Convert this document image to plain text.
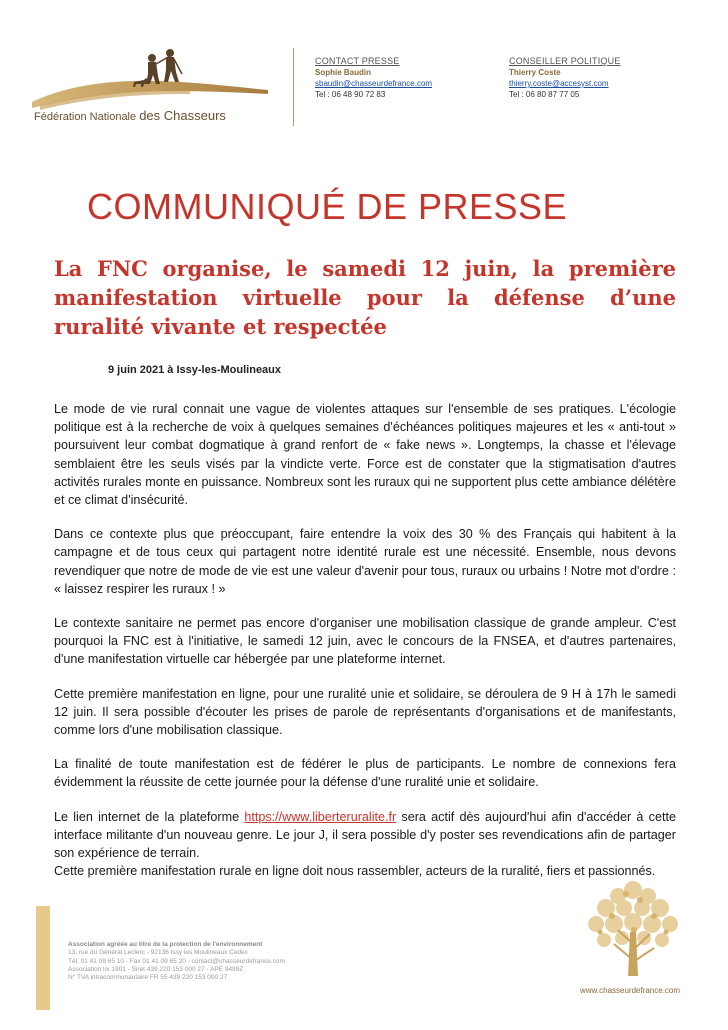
Fédération Nationale des Chasseurs
CONTACT PRESSE
Sophie Baudin
sbaudin@chasseurdefrance.com
Tel : 06 48 90 72 83
CONSEILLER POLITIQUE
Thierry Coste
thierry.coste@accesyst.com
Tel : 06 80 87 77 05
COMMUNIQUÉ DE PRESSE
La FNC organise, le samedi 12 juin, la première manifestation virtuelle pour la défense d’une ruralité vivante et respectée
9 juin 2021 à Issy-les-Moulineaux

Le mode de vie rural connait une vague de violentes attaques sur l'ensemble de ses pratiques. L'écologie politique est à la recherche de voix à quelques semaines d'échéances politiques majeures et les « anti-tout » poursuivent leur combat dogmatique à grand renfort de « fake news ». Longtemps, la chasse et l'élevage semblaient être les seuls visés par la vindicte verte. Force est de constater que la stigmatisation d'autres activités rurales monte en puissance. Nombreux sont les ruraux qui ne supportent plus cette ambiance délétère et ce climat d'insécurité.

Dans ce contexte plus que préoccupant, faire entendre la voix des 30 % des Français qui habitent à la campagne et de tous ceux qui partagent notre identité rurale est une nécessité. Ensemble, nous devons revendiquer que notre de mode de vie est une valeur d'avenir pour tous, ruraux ou urbains ! Notre mot d'ordre : « laissez respirer les ruraux ! »

Le contexte sanitaire ne permet pas encore d'organiser une mobilisation classique de grande ampleur. C'est pourquoi la FNC est à l'initiative, le samedi 12 juin, avec le concours de la FNSEA, et d'autres partenaires, d'une manifestation virtuelle car hébergée par une plateforme internet.

Cette première manifestation en ligne, pour une ruralité unie et solidaire, se déroulera de 9 H à 17h le samedi 12 juin. Il sera possible d'écouter les prises de parole de représentants d'organisations et de manifestants, comme lors d'une mobilisation classique.

La finalité de toute manifestation est de fédérer le plus de participants. Le nombre de connexions fera évidemment la réussite de cette journée pour la défense d'une ruralité unie et solidaire.

Le lien internet de la plateforme https://www.liberteruralite.fr sera actif dès aujourd'hui afin d'accéder à cette interface militante d'un nouveau genre. Le jour J, il sera possible d'y poster ses revendications afin de partager son expérience de terrain.

Cette première manifestation rurale en ligne doit nous rassembler, acteurs de la ruralité, fiers et passionnés.

Association agréée au titre de la protection de l'environnement
13, rue du Général Leclerc - 92136 Issy les Moulineaux Cedex
Tél. 01 41 09 65 10 - Fax 01 41 09 65 20 - contact@chasseurdefrance.com
Association loi 1901 - Siret 439 220 153 000 27 - APE 9499Z
N° TVA intracommunautaire FR 55 439 220 153 000 27
www.chasseurdefrance.com
